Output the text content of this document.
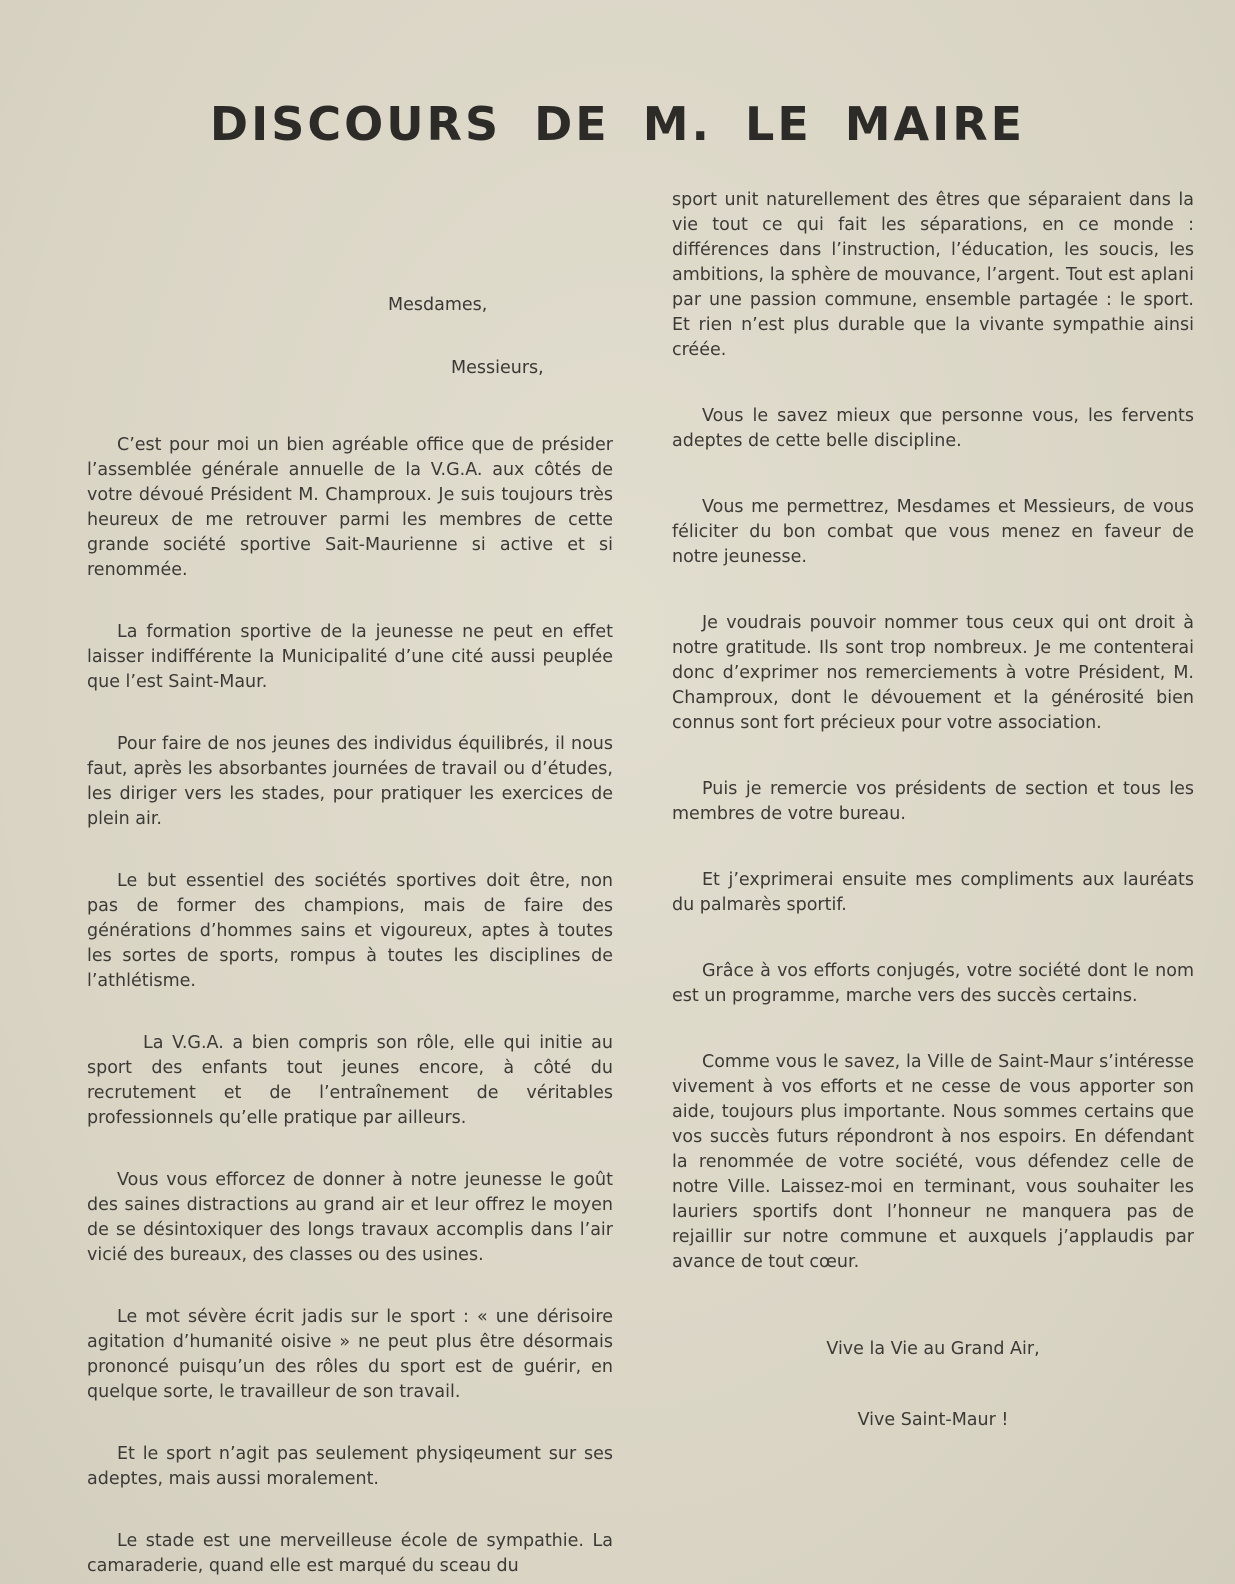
DISCOURS DE M. LE MAIRE
Mesdames,
Messieurs,

C’est pour moi un bien agréable office que de présider l’assemblée générale annuelle de la V.G.A. aux côtés de votre dévoué Président M. Champroux. Je suis toujours très heureux de me retrouver parmi les membres de cette grande société sportive Sait-Maurienne si active et si renommée.

La formation sportive de la jeunesse ne peut en effet laisser indifférente la Municipalité d’une cité aussi peuplée que l’est Saint-Maur.

Pour faire de nos jeunes des individus équilibrés, il nous faut, après les absorbantes journées de travail ou d’études, les diriger vers les stades, pour pratiquer les exercices de plein air.

Le but essentiel des sociétés sportives doit être, non pas de former des champions, mais de faire des générations d’hommes sains et vigoureux, aptes à toutes les sortes de sports, rompus à toutes les disciplines de l’athlétisme.

La V.G.A. a bien compris son rôle, elle qui initie au sport des enfants tout jeunes encore, à côté du recrutement et de l’entraînement de véritables professionnels qu’elle pratique par ailleurs.

Vous vous efforcez de donner à notre jeunesse le goût des saines distractions au grand air et leur offrez le moyen de se désintoxiquer des longs travaux accomplis dans l’air vicié des bureaux, des classes ou des usines.

Le mot sévère écrit jadis sur le sport : « une dérisoire agitation d’humanité oisive » ne peut plus être désormais prononcé puisqu’un des rôles du sport est de guérir, en quelque sorte, le travailleur de son travail.

Et le sport n’agit pas seulement physiqeument sur ses adeptes, mais aussi moralement.

Le stade est une merveilleuse école de sympathie. La camaraderie, quand elle est marqué du sceau du

sport unit naturellement des êtres que séparaient dans la vie tout ce qui fait les séparations, en ce monde : différences dans l’instruction, l’éducation, les soucis, les ambitions, la sphère de mouvance, l’argent. Tout est aplani par une passion commune, ensemble partagée : le sport. Et rien n’est plus durable que la vivante sympathie ainsi créée.

Vous le savez mieux que personne vous, les fervents adeptes de cette belle discipline.

Vous me permettrez, Mesdames et Messieurs, de vous féliciter du bon combat que vous menez en faveur de notre jeunesse.

Je voudrais pouvoir nommer tous ceux qui ont droit à notre gratitude. Ils sont trop nombreux. Je me contenterai donc d’exprimer nos remerciements à votre Président, M. Champroux, dont le dévouement et la générosité bien connus sont fort précieux pour votre association.

Puis je remercie vos présidents de section et tous les membres de votre bureau.

Et j’exprimerai ensuite mes compliments aux lauréats du palmarès sportif.

Grâce à vos efforts conjugés, votre société dont le nom est un programme, marche vers des succès certains.

Comme vous le savez, la Ville de Saint-Maur s’intéresse vivement à vos efforts et ne cesse de vous apporter son aide, toujours plus importante. Nous sommes certains que vos succès futurs répondront à nos espoirs. En défendant la renommée de votre société, vous défendez celle de notre Ville. Laissez-moi en terminant, vous souhaiter les lauriers sportifs dont l’honneur ne manquera pas de rejaillir sur notre commune et auxquels j’applaudis par avance de tout cœur.

Vive la Vie au Grand Air,

Vive Saint-Maur !
